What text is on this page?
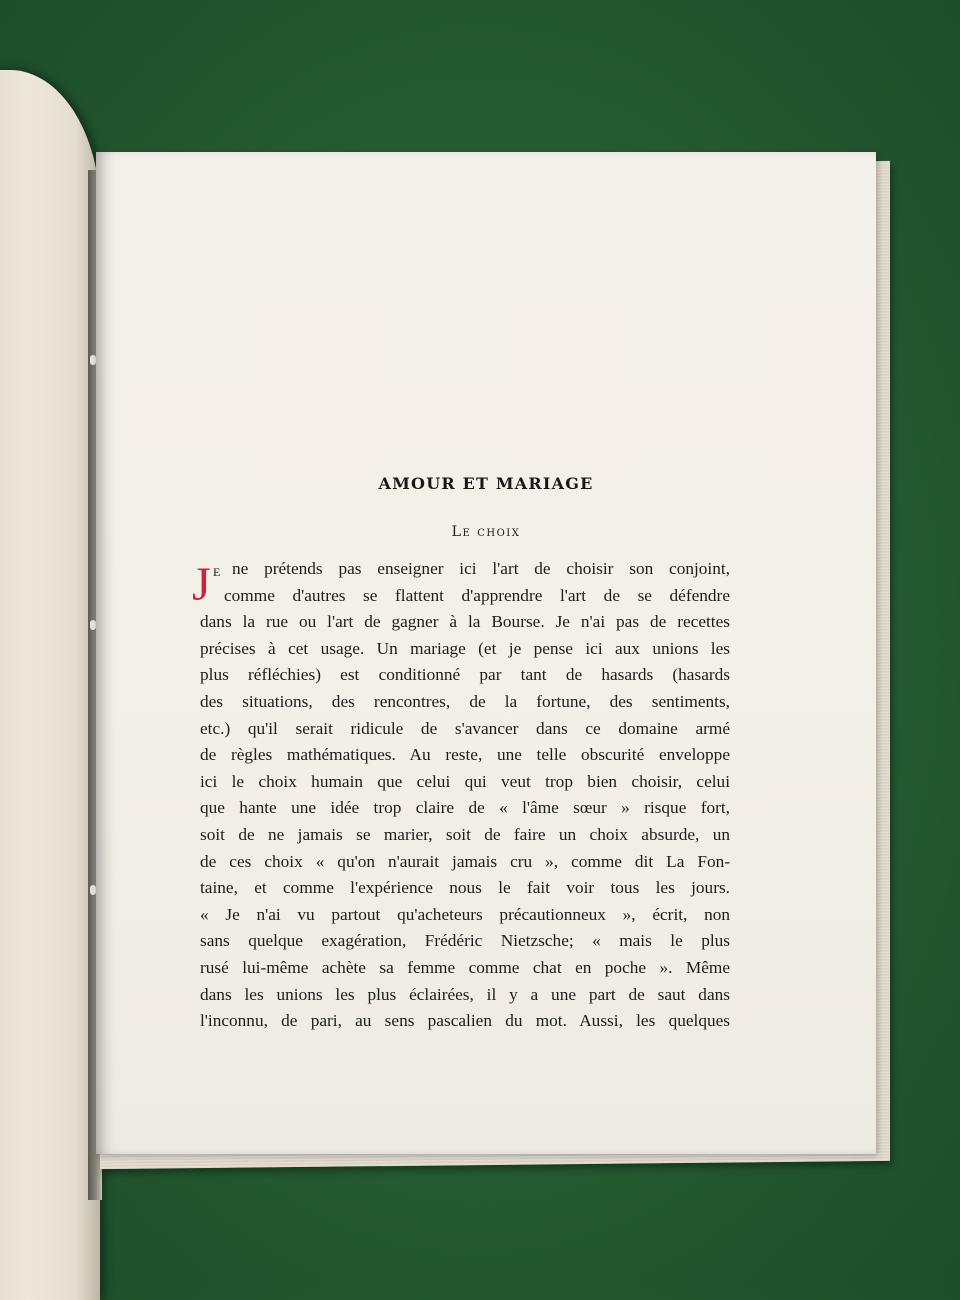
AMOUR ET MARIAGE
Le choix
J E ne prétends pas enseigner ici l'art de choisir son conjoint,
comme d'autres se flattent d'apprendre l'art de se défendre
dans la rue ou l'art de gagner à la Bourse. Je n'ai pas de recettes
précises à cet usage. Un mariage (et je pense ici aux unions les
plus réfléchies) est conditionné par tant de hasards (hasards
des situations, des rencontres, de la fortune, des sentiments,
etc.) qu'il serait ridicule de s'avancer dans ce domaine armé
de règles mathématiques. Au reste, une telle obscurité enveloppe
ici le choix humain que celui qui veut trop bien choisir, celui
que hante une idée trop claire de « l'âme sœur » risque fort,
soit de ne jamais se marier, soit de faire un choix absurde, un
de ces choix « qu'on n'aurait jamais cru », comme dit La Fon-
taine, et comme l'expérience nous le fait voir tous les jours.
« Je n'ai vu partout qu'acheteurs précautionneux », écrit, non
sans quelque exagération, Frédéric Nietzsche; « mais le plus
rusé lui-même achète sa femme comme chat en poche ». Même
dans les unions les plus éclairées, il y a une part de saut dans
l'inconnu, de pari, au sens pascalien du mot. Aussi, les quelques
